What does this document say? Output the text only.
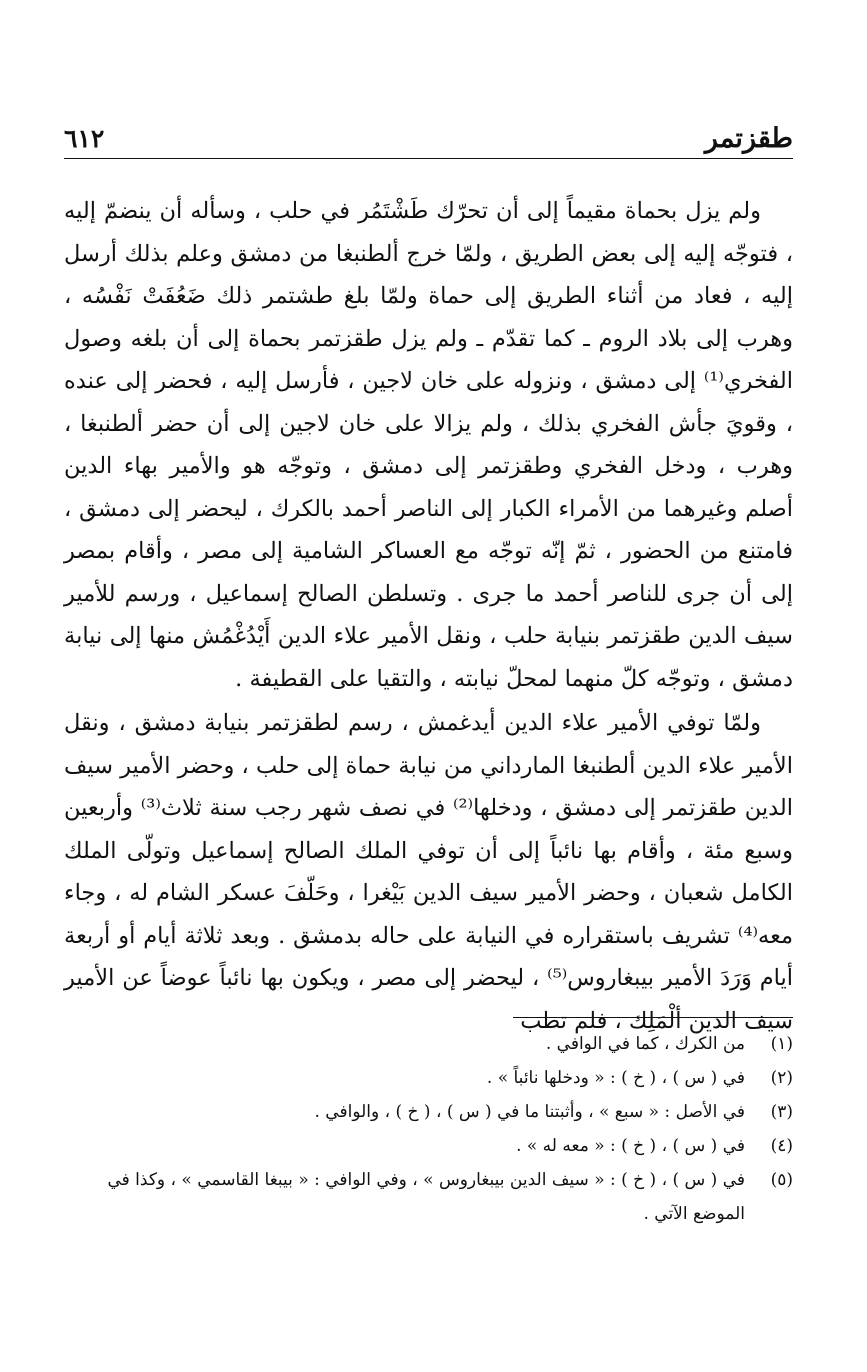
طقزتمر
٦١٢

ولم يزل بحماة مقيماً إلى أن تحرّك طَشْتَمُر في حلب ، وسأله أن ينضمّ إليه ، فتوجّه إليه إلى بعض الطريق ، ولمّا خرج ألطنبغا من دمشق وعلم بذلك أرسل إليه ، فعاد من أثناء الطريق إلى حماة ولمّا بلغ طشتمر ذلك ضَعُفَتْ نَفْسُه ، وهرب إلى بلاد الروم ـ كما تقدّم ـ ولم يزل طقزتمر بحماة إلى أن بلغه وصول الفخري⁽¹⁾ إلى دمشق ، ونزوله على خان لاجين ، فأرسل إليه ، فحضر إلى عنده ، وقويَ جأش الفخري بذلك ، ولم يزالا على خان لاجين إلى أن حضر ألطنبغا ، وهرب ، ودخل الفخري وطقزتمر إلى دمشق ، وتوجّه هو والأمير بهاء الدين أصلم وغيرهما من الأمراء الكبار إلى الناصر أحمد بالكرك ، ليحضر إلى دمشق ، فامتنع من الحضور ، ثمّ إنّه توجّه مع العساكر الشامية إلى مصر ، وأقام بمصر إلى أن جرى للناصر أحمد ما جرى . وتسلطن الصالح إسماعيل ، ورسم للأمير سيف الدين طقزتمر بنيابة حلب ، ونقل الأمير علاء الدين أَيْدُغْمُش منها إلى نيابة دمشق ، وتوجّه كلّ منهما لمحلّ نيابته ، والتقيا على القطيفة .

ولمّا توفي الأمير علاء الدين أيدغمش ، رسم لطقزتمر بنيابة دمشق ، ونقل الأمير علاء الدين ألطنبغا المارداني من نيابة حماة إلى حلب ، وحضر الأمير سيف الدين طقزتمر إلى دمشق ، ودخلها⁽²⁾ في نصف شهر رجب سنة ثلاث⁽³⁾ وأربعين وسبع مئة ، وأقام بها نائباً إلى أن توفي الملك الصالح إسماعيل وتولّى الملك الكامل شعبان ، وحضر الأمير سيف الدين بَيْغرا ، وحَلّفَ عسكر الشام له ، وجاء معه⁽⁴⁾ تشريف باستقراره في النيابة على حاله بدمشق . وبعد ثلاثة أيام أو أربعة أيام وَرَدَ الأمير بيبغاروس⁽⁵⁾ ، ليحضر إلى مصر ، ويكون بها نائباً عوضاً عن الأمير سيف الدين ألْمَلِك ، فلم تطب

(١)
من الكرك ، كما في الوافي .
(٢)
في ( س ) ، ( خ ) : « ودخلها نائباً » .
(٣)
في الأصل : « سبع » ، وأثبتنا ما في ( س ) ، ( خ ) ، والوافي .
(٤)
في ( س ) ، ( خ ) : « معه له » .
(٥)
في ( س ) ، ( خ ) : « سيف الدين بيبغاروس » ، وفي الوافي : « بيبغا القاسمي » ، وكذا في الموضع الآتي .
